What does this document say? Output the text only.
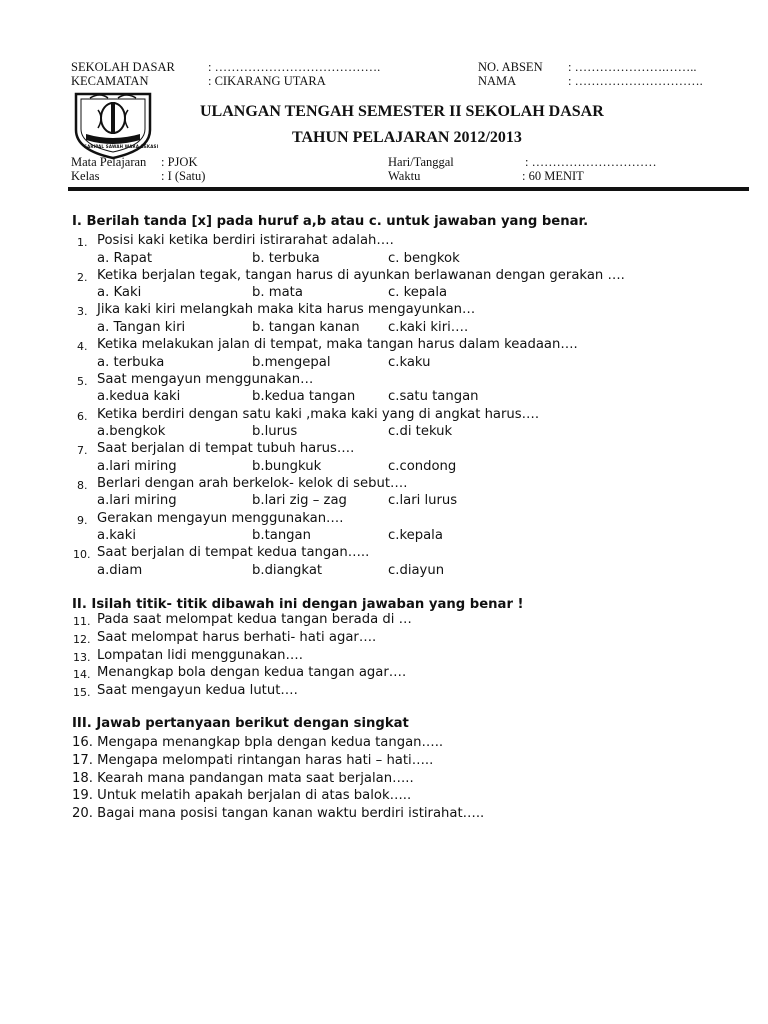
SEKOLAH DASAR	: ………………………………….	NO. ABSEN : ………………….……..
KECAMATAN	: CIKARANG UTARA	NAMA	: ………………………….
SARIPAL SAWAH WARA BEKASI
ULANGAN TENGAH SEMESTER II SEKOLAH DASAR
TAHUN PELAJARAN 2012/2013
Mata Pelajaran : PJOK	Hari/Tanggal	: …………………………
Kelas	: I (Satu)	Waktu	: 60 MENIT
I. Berilah tanda [x] pada huruf a,b atau c. untuk jawaban yang benar.
1. Posisi kaki ketika berdiri istirarahat adalah….
a. Rapat	b. terbuka	c. bengkok
2. Ketika berjalan tegak, tangan harus di ayunkan berlawanan dengan gerakan ….
a. Kaki	b. mata	c. kepala
3. Jika kaki kiri melangkah maka kita harus mengayunkan…
a. Tangan kiri	b. tangan kanan c.kaki kiri….
4. Ketika melakukan jalan di tempat, maka tangan harus dalam keadaan….
a. terbuka	b.mengepal	c.kaku
5. Saat mengayun menggunakan…
a.kedua kaki	b.kedua tangan c.satu tangan
6. Ketika berdiri dengan satu kaki ,maka kaki yang di angkat harus….
a.bengkok	b.lurus	c.di tekuk
7. Saat berjalan di tempat tubuh harus….
a.lari miring	b.bungkuk	c.condong
8. Berlari dengan arah berkelok- kelok di sebut….
a.lari miring	b.lari zig – zag	c.lari lurus
9. Gerakan mengayun menggunakan….
a.kaki	b.tangan	c.kepala
10. Saat berjalan di tempat kedua tangan…..
a.diam	b.diangkat	c.diayun
II. Isilah titik- titik dibawah ini dengan jawaban yang benar !
11. Pada saat melompat kedua tangan berada di …
12. Saat melompat harus berhati- hati agar….
13. Lompatan lidi menggunakan….
14. Menangkap bola dengan kedua tangan agar….
15. Saat mengayun kedua lutut….
III. Jawab pertanyaan berikut dengan singkat
16. Mengapa menangkap bpla dengan kedua tangan…..
17. Mengapa melompati rintangan haras hati – hati…..
18. Kearah mana pandangan mata saat berjalan…..
19. Untuk melatih apakah berjalan di atas balok…..
20. Bagai mana posisi tangan kanan waktu berdiri istirahat…..
